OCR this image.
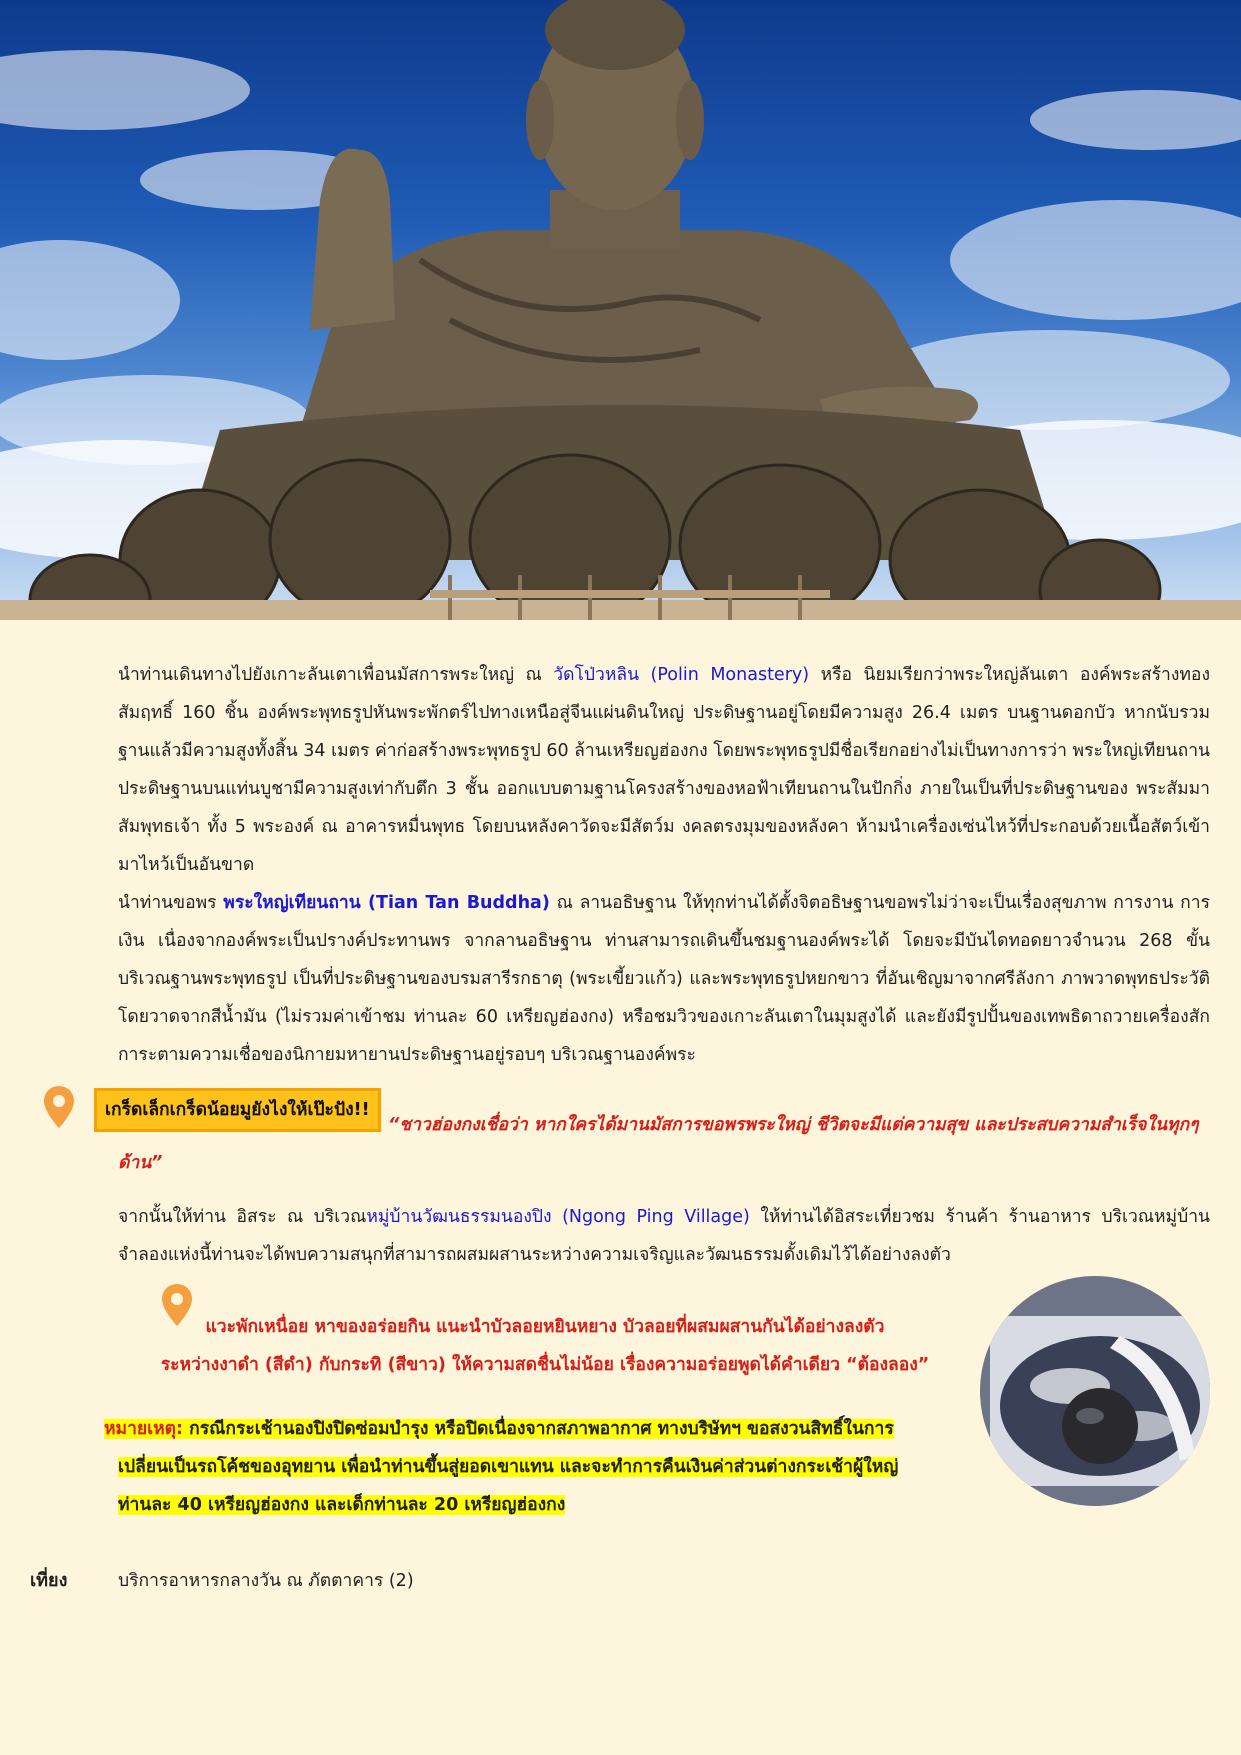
นำท่านเดินทางไปยังเกาะลันเตาเพื่อนมัสการพระใหญ่ ณ วัดโป่วหลิน (Polin Monastery) หรือ นิยมเรียกว่าพระใหญ่ลันเตา องค์พระสร้างทองสัมฤทธิ์ 160 ชิ้น องค์พระพุทธรูปหันพระพักตร์ไปทางเหนือสู่จีนแผ่นดินใหญ่ ประดิษฐานอยู่โดยมีความสูง 26.4 เมตร บนฐานดอกบัว หากนับรวมฐานแล้วมีความสูงทั้งสิ้น 34 เมตร ค่าก่อสร้างพระพุทธรูป 60 ล้านเหรียญฮ่องกง โดยพระพุทธรูปมีชื่อเรียกอย่างไม่เป็นทางการว่า พระใหญ่เทียนถาน ประดิษฐานบนแท่นบูชามีความสูงเท่ากับตึก 3 ชั้น ออกแบบตามฐานโครงสร้างของหอฟ้าเทียนถานในปักกิ่ง ภายในเป็นที่ประดิษฐานของ พระสัมมาสัมพุทธเจ้า ทั้ง 5 พระองค์ ณ อาคารหมื่นพุทธ โดยบนหลังคาวัดจะมีสัตว์ม งคลตรงมุมของหลังคา ห้ามนำเครื่องเซ่นไหว้ที่ประกอบด้วยเนื้อสัตว์เข้ามาไหว้เป็นอันขาด

นำท่านขอพร พระใหญ่เทียนถาน (Tian Tan Buddha) ณ ลานอธิษฐาน ให้ทุกท่านได้ตั้งจิตอธิษฐานขอพรไม่ว่าจะเป็นเรื่องสุขภาพ การงาน การเงิน เนื่องจากองค์พระเป็นปรางค์ประทานพร จากลานอธิษฐาน ท่านสามารถเดินขึ้นชมฐานองค์พระได้ โดยจะมีบันไดทอดยาวจำนวน 268 ขั้น บริเวณฐานพระพุทธรูป เป็นที่ประดิษฐานของบรมสารีรกธาตุ (พระเขี้ยวแก้ว) และพระพุทธรูปหยกขาว ที่อันเชิญมาจากศรีลังกา ภาพวาดพุทธประวัติโดยวาดจากสีน้ำมัน (ไม่รวมค่าเข้าชม ท่านละ 60 เหรียญฮ่องกง) หรือชมวิวของเกาะลันเตาในมุมสูงได้ และยังมีรูปปั้นของเทพธิดาถวายเครื่องสักการะตามความเชื่อของนิกายมหายานประดิษฐานอยู่รอบๆ บริเวณฐานองค์พระ

เกร็ดเล็กเกร็ดน้อยมูยังไงให้เป๊ะปัง!!
“ชาวฮ่องกงเชื่อว่า หากใครได้มานมัสการขอพรพระใหญ่ ชีวิตจะมีแต่ความสุข และประสบความสำเร็จในทุกๆด้าน”
จากนั้นให้ท่าน อิสระ ณ บริเวณหมู่บ้านวัฒนธรรมนองปิง (Ngong Ping Village) ให้ท่านได้อิสระเที่ยวชม ร้านค้า ร้านอาหาร บริเวณหมู่บ้านจำลองแห่งนี้ท่านจะได้พบความสนุกที่สามารถผสมผสานระหว่างความเจริญและวัฒนธรรมดั้งเดิมไว้ได้อย่างลงตัว
แวะพักเหนื่อย หาของอร่อยกิน แนะนำบัวลอยหยินหยาง บัวลอยที่ผสมผสานกันได้อย่างลงตัว
ระหว่างงาดำ (สีดำ) กับกระทิ (สีขาว) ให้ความสดชื่นไม่น้อย เรื่องความอร่อยพูดได้คำเดียว “ต้องลอง”
หมายเหตุ: กรณีกระเช้านองปิงปิดซ่อมบำรุง หรือปิดเนื่องจากสภาพอากาศ ทางบริษัทฯ ขอสงวนสิทธิ์ในการ
เปลี่ยนเป็นรถโค้ชของอุทยาน เพื่อนำท่านขึ้นสู่ยอดเขาแทน และจะทำการคืนเงินค่าส่วนต่างกระเช้าผู้ใหญ่
ท่านละ 40 เหรียญฮ่องกง และเด็กท่านละ 20 เหรียญฮ่องกง
เที่ยง	บริการอาหารกลางวัน ณ ภัตตาคาร (2)
